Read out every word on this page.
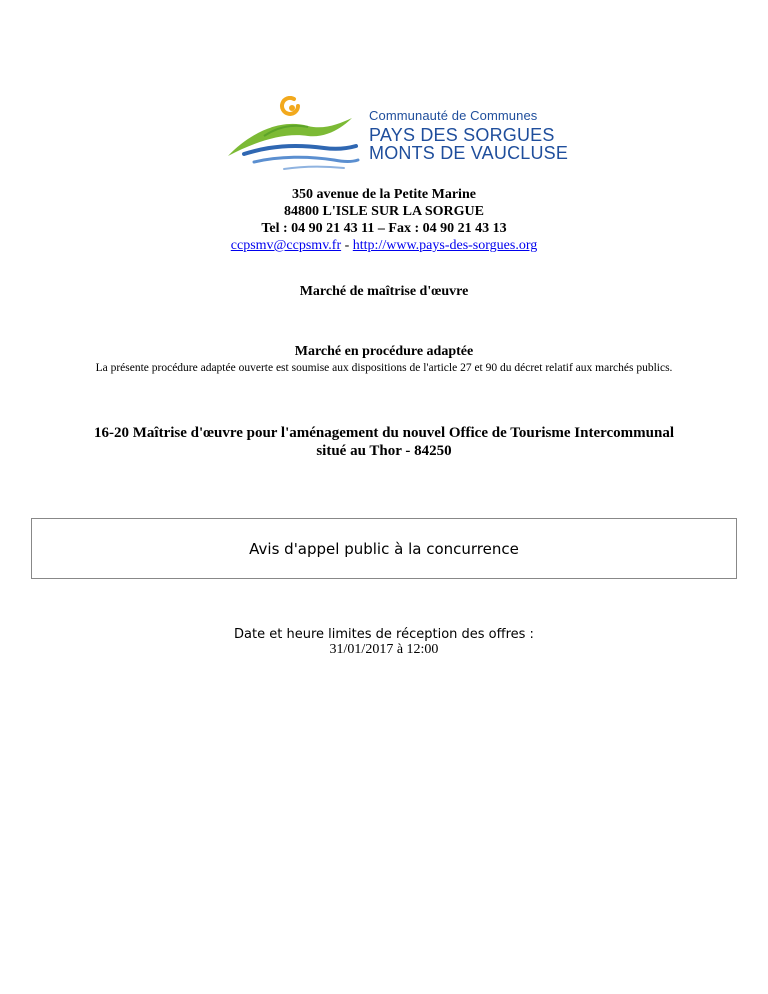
Communauté de Communes
PAYS DES SORGUES
MONTS DE VAUCLUSE
350 avenue de la Petite Marine
84800 L'ISLE SUR LA SORGUE
Tel : 04 90 21 43 11 – Fax : 04 90 21 43 13
ccpsmv@ccpsmv.fr - http://www.pays-des-sorgues.org
Marché de maîtrise d'œuvre
Marché en procédure adaptée
La présente procédure adaptée ouverte est soumise aux dispositions de l'article 27 et 90 du décret relatif aux marchés publics.
16-20 Maîtrise d'œuvre pour l'aménagement du nouvel Office de Tourisme Intercommunal
situé au Thor - 84250
Avis d'appel public à la concurrence
Date et heure limites de réception des offres :
31/01/2017 à 12:00
